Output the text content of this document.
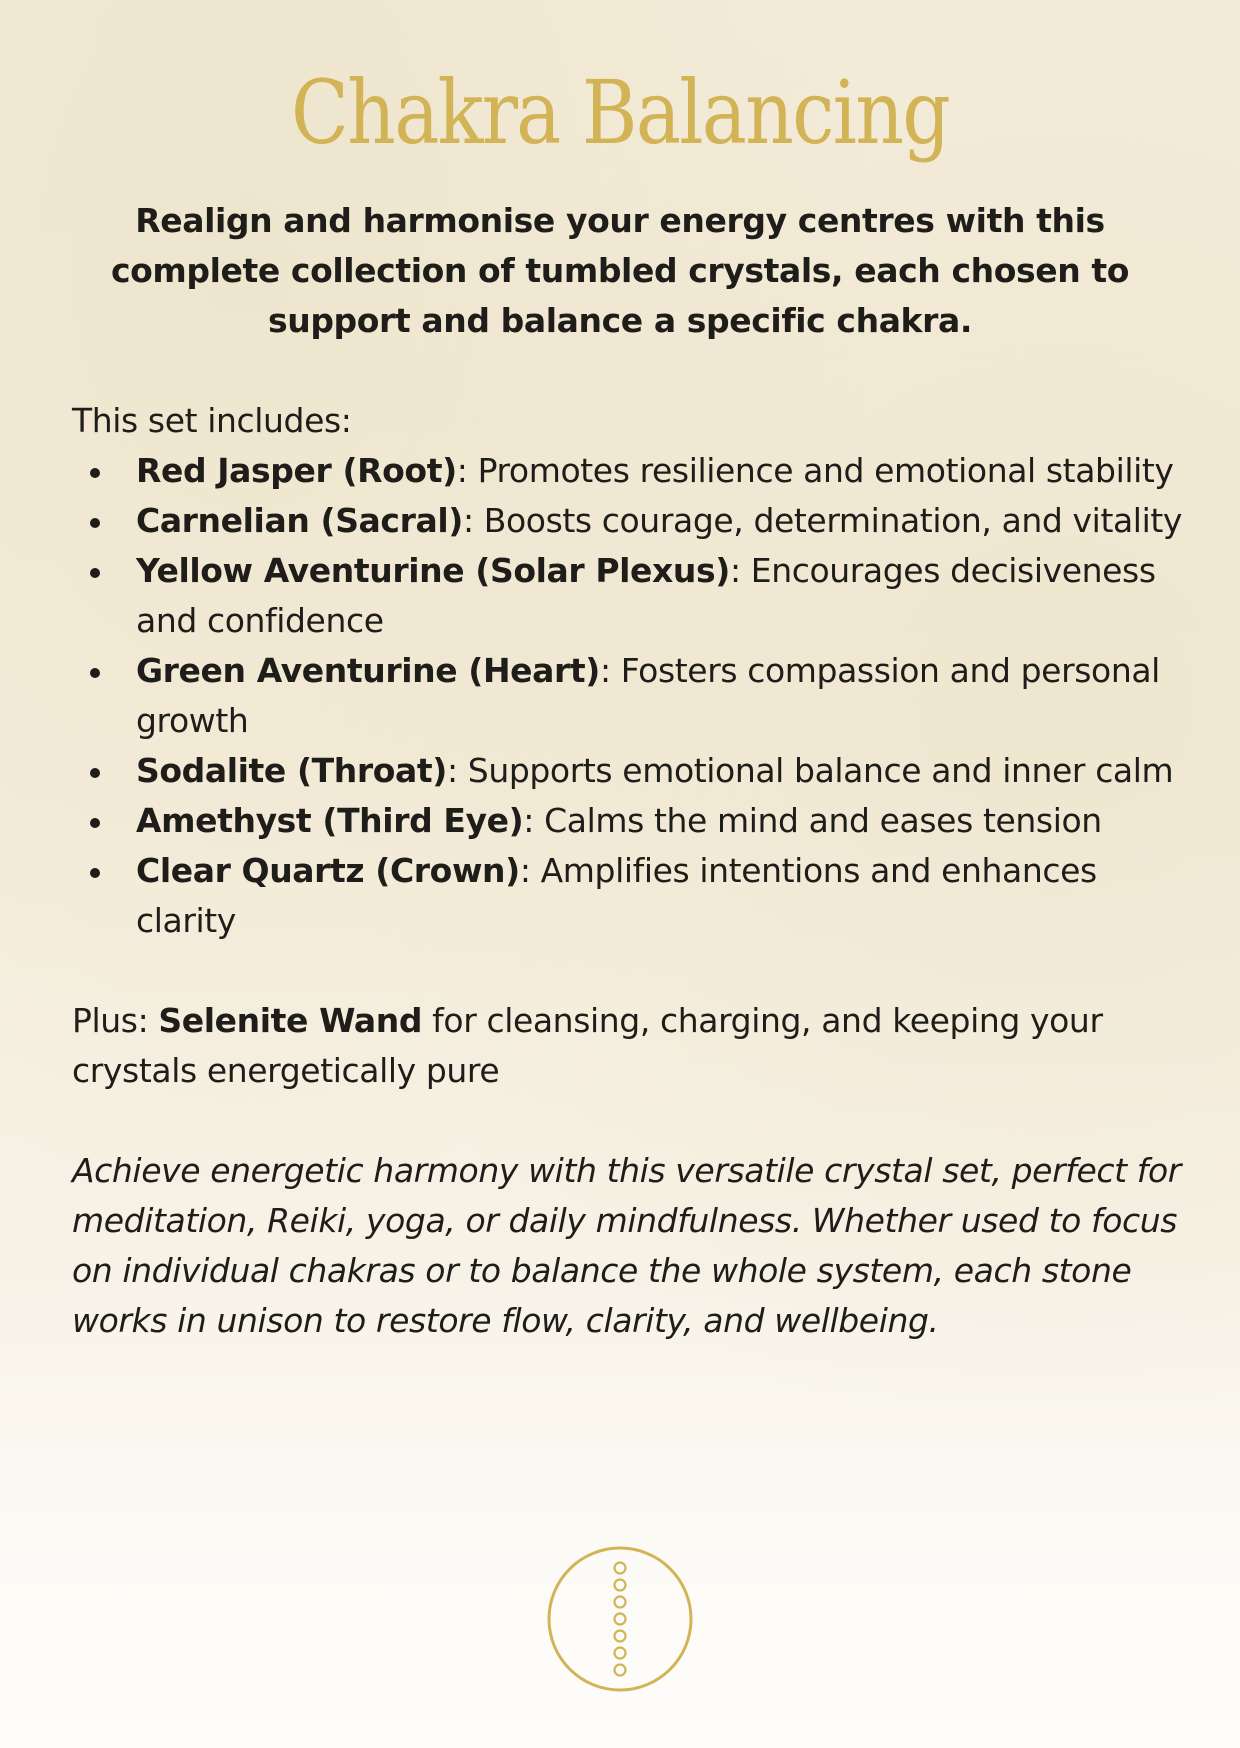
Chakra Balancing

Realign and harmonise your energy centres with this complete collection of tumbled crystals, each chosen to support and balance a specific chakra.

This set includes:

Red Jasper (Root): Promotes resilience and emotional stability
Carnelian (Sacral): Boosts courage, determination, and vitality
Yellow Aventurine (Solar Plexus): Encourages decisiveness and confidence
Green Aventurine (Heart): Fosters compassion and personal growth
Sodalite (Throat): Supports emotional balance and inner calm
Amethyst (Third Eye): Calms the mind and eases tension
Clear Quartz (Crown): Amplifies intentions and enhances clarity

Plus: Selenite Wand for cleansing, charging, and keeping your crystals energetically pure

Achieve energetic harmony with this versatile crystal set, perfect for meditation, Reiki, yoga, or daily mindfulness. Whether used to focus on individual chakras or to balance the whole system, each stone works in unison to restore flow, clarity, and wellbeing.
